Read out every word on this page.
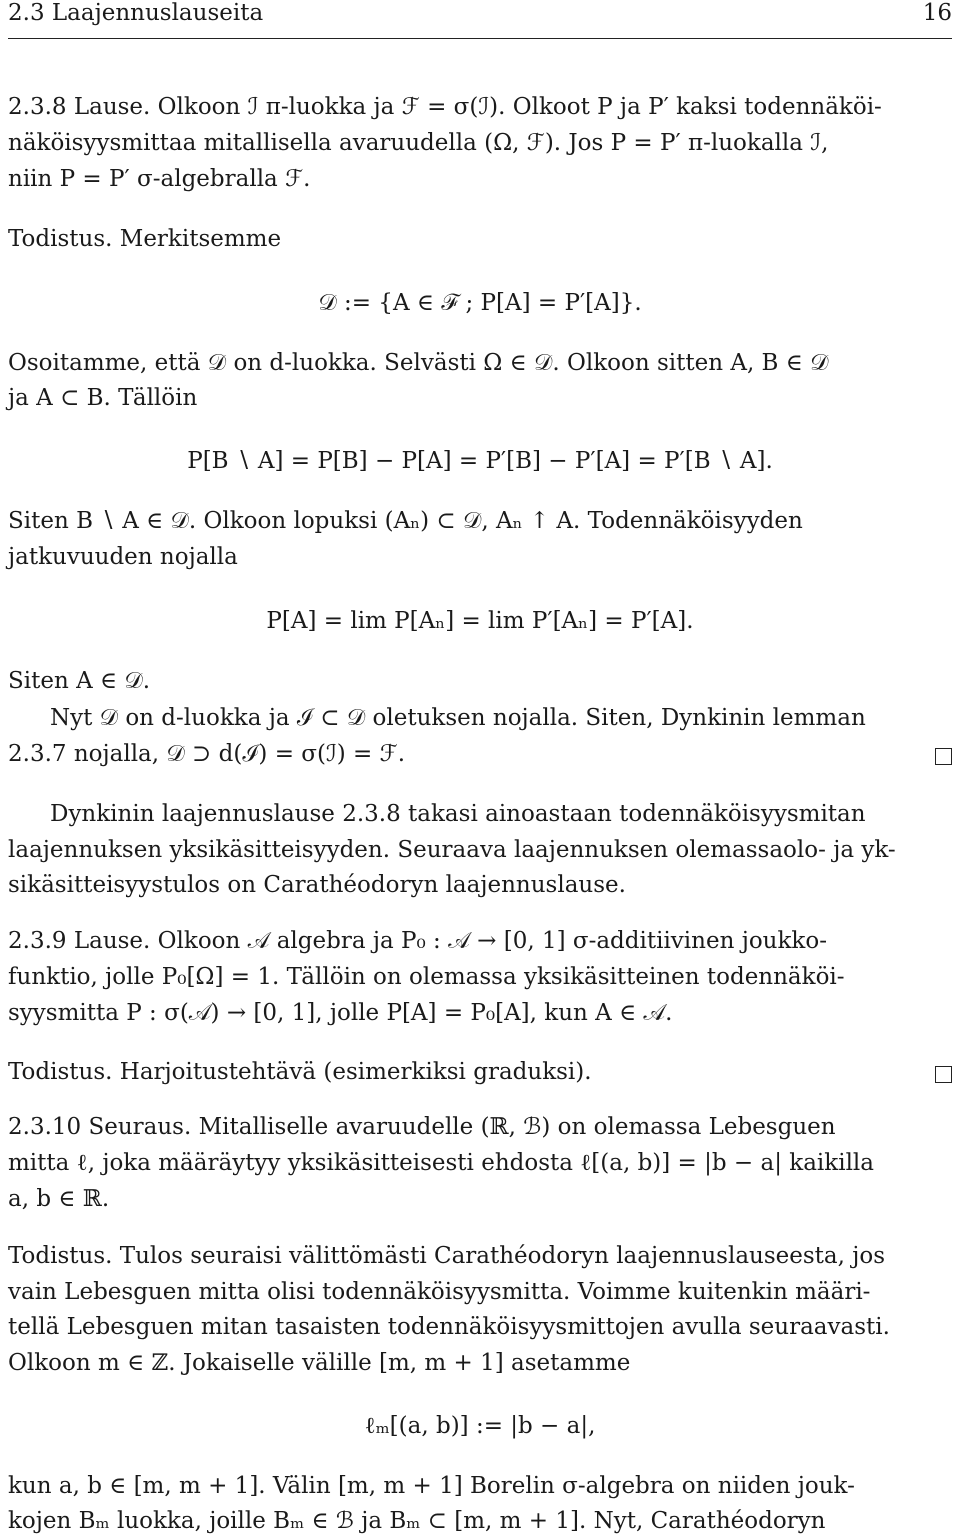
2.3 Laajennuslauseita	16
2.3.8 Lause. Olkoon ℐ π-luokka ja ℱ = σ(ℐ). Olkoot P ja P′ kaksi todennäköi-
näköisyysmittaa mitallisella avaruudella (Ω, ℱ). Jos P = P′ π-luokalla ℐ,
niin P = P′ σ-algebralla ℱ.
Todistus. Merkitsemme
𝒟 := {A ∈ ℱ ; P[A] = P′[A]}.
Osoitamme, että 𝒟 on d-luokka. Selvästi Ω ∈ 𝒟. Olkoon sitten A, B ∈ 𝒟
ja A ⊂ B. Tällöin
P[B ∖ A] = P[B] − P[A] = P′[B] − P′[A] = P′[B ∖ A].
Siten B ∖ A ∈ 𝒟. Olkoon lopuksi (Aₙ) ⊂ 𝒟, Aₙ ↑ A. Todennäköisyyden
jatkuvuuden nojalla
P[A] = lim P[Aₙ] = lim P′[Aₙ] = P′[A].
Siten A ∈ 𝒟.
Nyt 𝒟 on d-luokka ja ℐ ⊂ 𝒟 oletuksen nojalla. Siten, Dynkinin lemman
2.3.7 nojalla, 𝒟 ⊃ d(ℐ) = σ(ℐ) = ℱ.
Dynkinin laajennuslause 2.3.8 takasi ainoastaan todennäköisyysmitan
laajennuksen yksikäsitteisyyden. Seuraava laajennuksen olemassaolo- ja yk-
sikäsitteisyystulos on Carathéodoryn laajennuslause.
2.3.9 Lause. Olkoon 𝒜 algebra ja P₀ : 𝒜 → [0, 1] σ-additiivinen joukko-
funktio, jolle P₀[Ω] = 1. Tällöin on olemassa yksikäsitteinen todennäköi-
syysmitta P : σ(𝒜) → [0, 1], jolle P[A] = P₀[A], kun A ∈ 𝒜.
Todistus. Harjoitustehtävä (esimerkiksi graduksi).
2.3.10 Seuraus. Mitalliselle avaruudelle (ℝ, ℬ) on olemassa Lebesguen
mitta ℓ, joka määräytyy yksikäsitteisesti ehdosta ℓ[(a, b)] = |b − a| kaikilla
a, b ∈ ℝ.
Todistus. Tulos seuraisi välittömästi Carathéodoryn laajennuslauseesta, jos
vain Lebesguen mitta olisi todennäköisyysmitta. Voimme kuitenkin määri-
tellä Lebesguen mitan tasaisten todennäköisyysmittojen avulla seuraavasti.
Olkoon m ∈ ℤ. Jokaiselle välille [m, m + 1] asetamme
ℓₘ[(a, b)] := |b − a|,
kun a, b ∈ [m, m + 1]. Välin [m, m + 1] Borelin σ-algebra on niiden jouk-
kojen Bₘ luokka, joille Bₘ ∈ ℬ ja Bₘ ⊂ [m, m + 1]. Nyt, Carathéodoryn
